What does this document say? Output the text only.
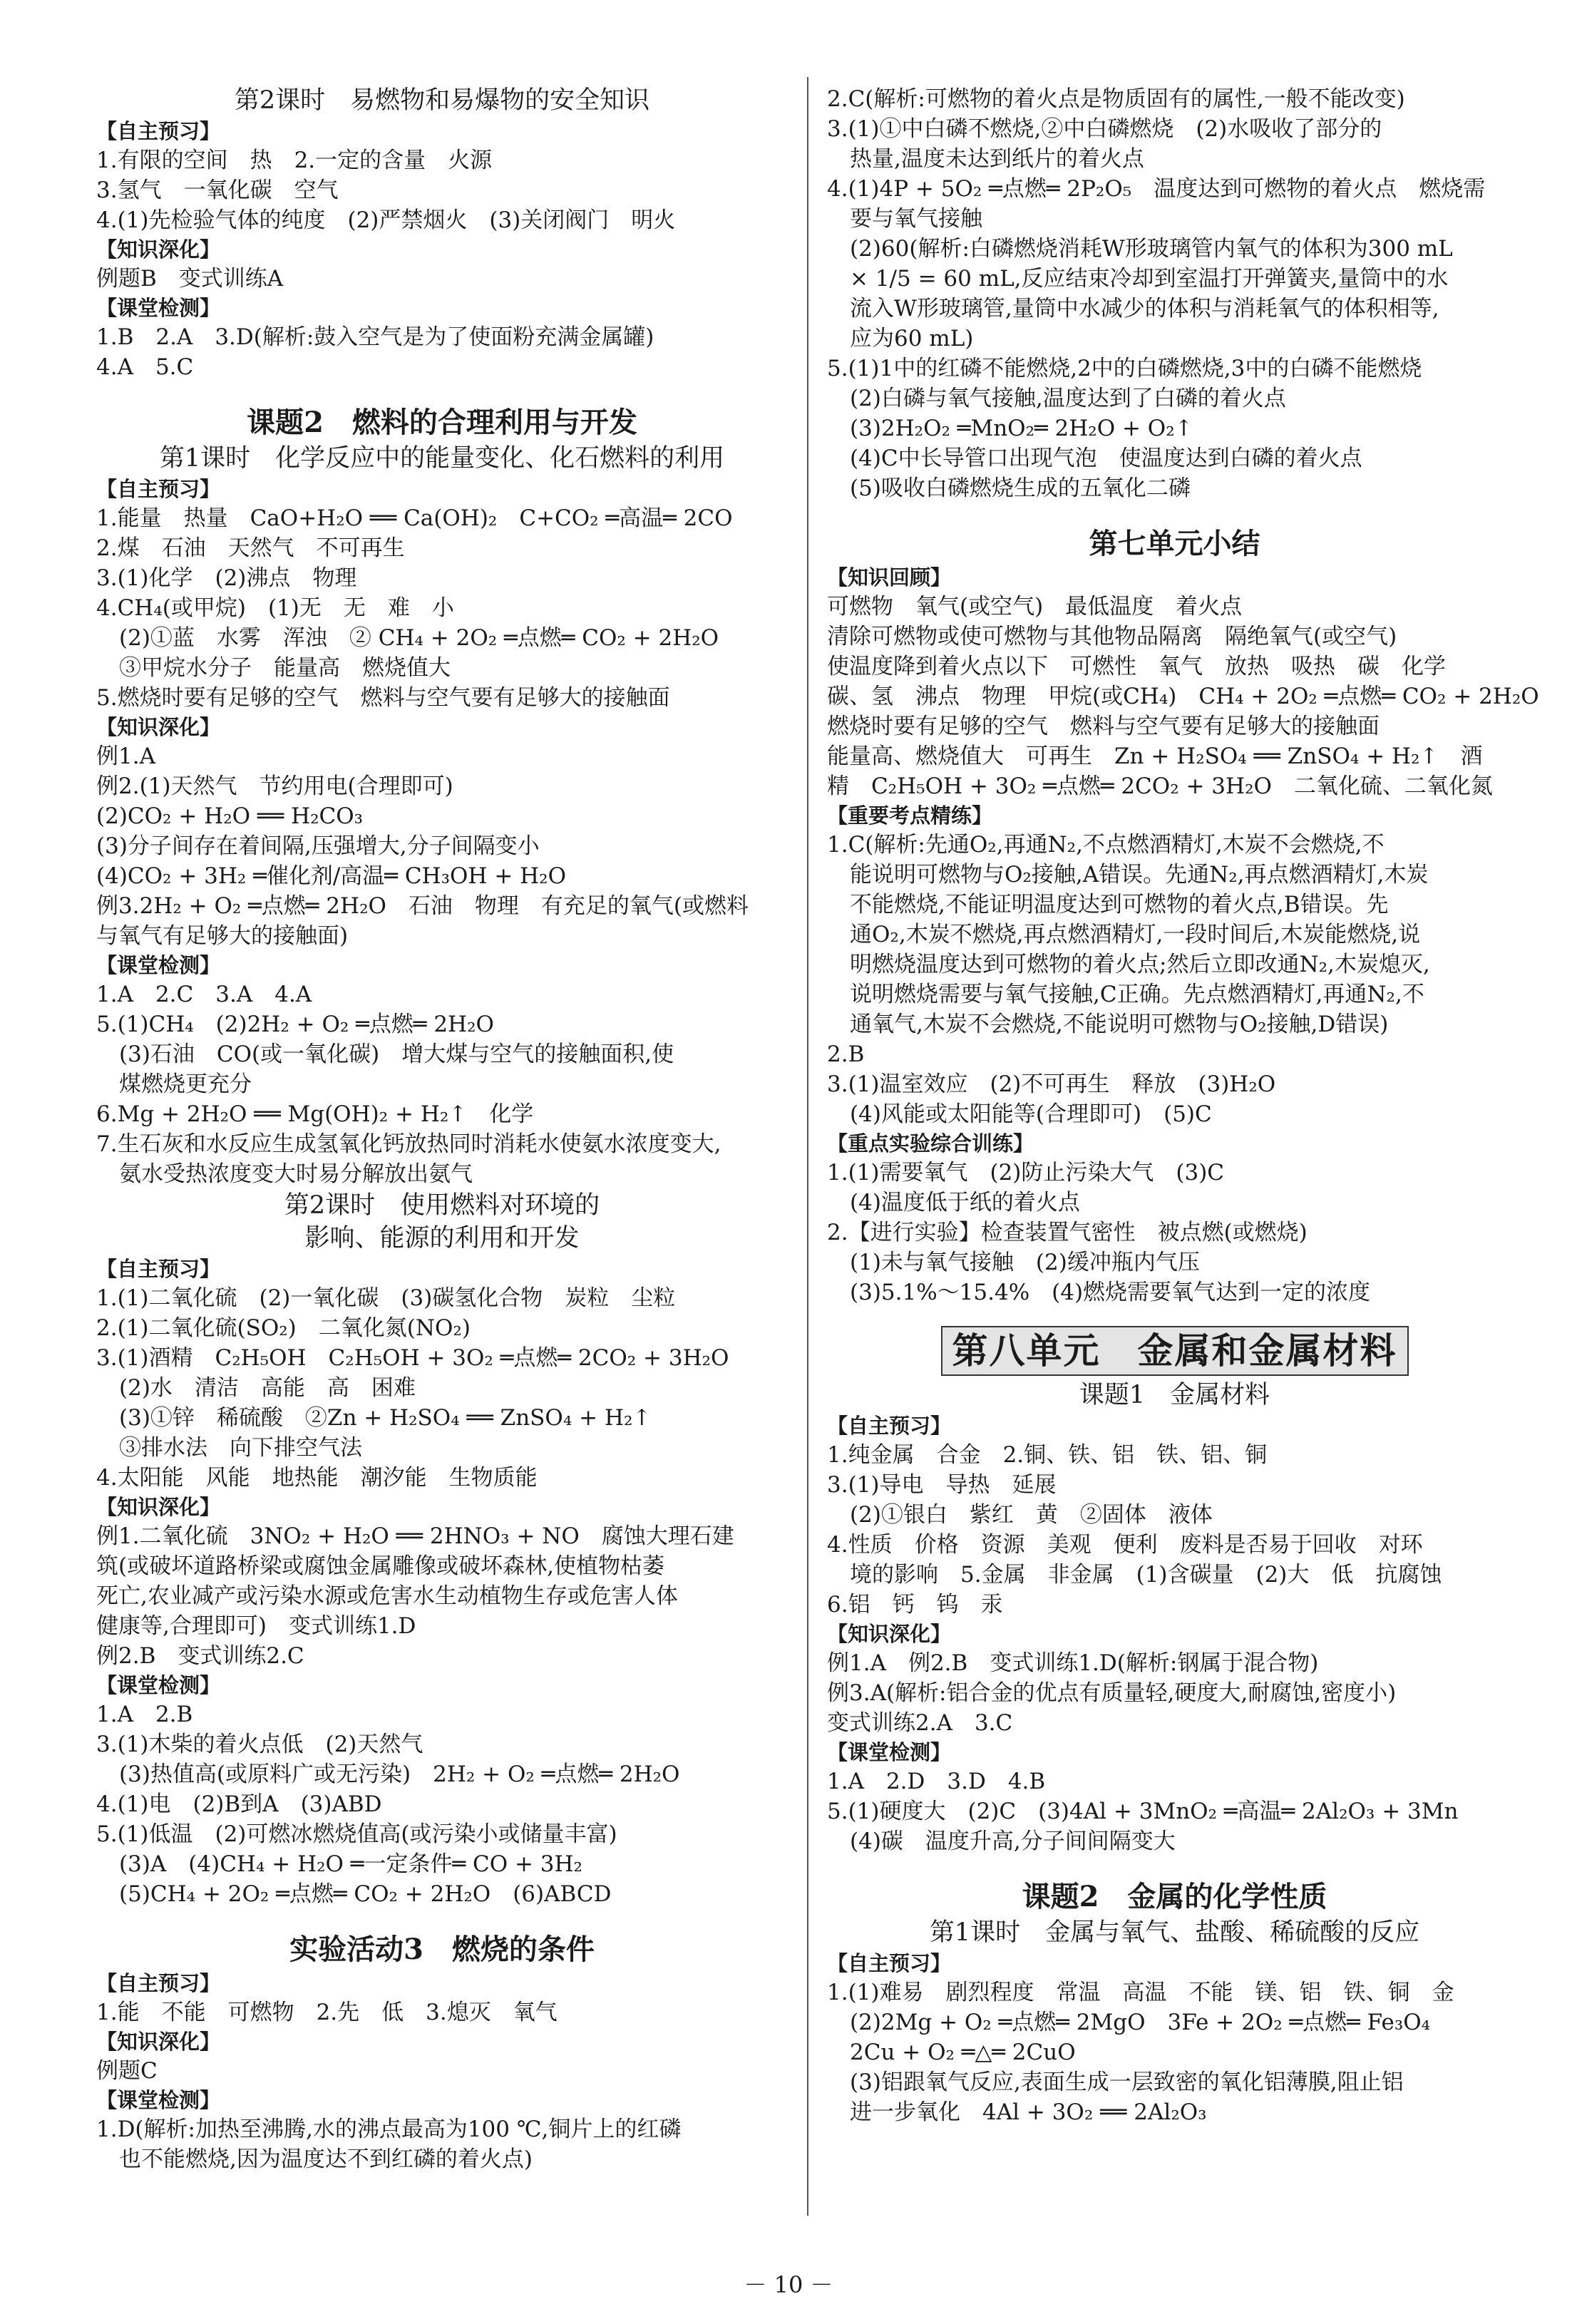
第2课时　易燃物和易爆物的安全知识
【自主预习】
1.有限的空间　热　2.一定的含量　火源
3.氢气　一氧化碳　空气
4.(1)先检验气体的纯度　(2)严禁烟火　(3)关闭阀门　明火
【知识深化】
例题B　变式训练A
【课堂检测】
1.B　2.A　3.D(解析:鼓入空气是为了使面粉充满金属罐)
4.A　5.C
课题2　燃料的合理利用与开发
第1课时　化学反应中的能量变化、化石燃料的利用
【自主预习】
1.能量　热量　CaO+H₂O ══ Ca(OH)₂　C+CO₂ ═高温═ 2CO
2.煤　石油　天然气　不可再生
3.(1)化学　(2)沸点　物理
4.CH₄(或甲烷)　(1)无　无　难　小
(2)①蓝　水雾　浑浊　② CH₄ + 2O₂ ═点燃═ CO₂ + 2H₂O
③甲烷水分子　能量高　燃烧值大
5.燃烧时要有足够的空气　燃料与空气要有足够大的接触面
【知识深化】
例1.A
例2.(1)天然气　节约用电(合理即可)
(2)CO₂ + H₂O ══ H₂CO₃
(3)分子间存在着间隔,压强增大,分子间隔变小
(4)CO₂ + 3H₂ ═催化剂/高温═ CH₃OH + H₂O
例3.2H₂ + O₂ ═点燃═ 2H₂O　石油　物理　有充足的氧气(或燃料
与氧气有足够大的接触面)
【课堂检测】
1.A　2.C　3.A　4.A
5.(1)CH₄　(2)2H₂ + O₂ ═点燃═ 2H₂O
(3)石油　CO(或一氧化碳)　增大煤与空气的接触面积,使
煤燃烧更充分
6.Mg + 2H₂O ══ Mg(OH)₂ + H₂↑　化学
7.生石灰和水反应生成氢氧化钙放热同时消耗水使氨水浓度变大,
氨水受热浓度变大时易分解放出氨气
第2课时　使用燃料对环境的
影响、能源的利用和开发
【自主预习】
1.(1)二氧化硫　(2)一氧化碳　(3)碳氢化合物　炭粒　尘粒
2.(1)二氧化硫(SO₂)　二氧化氮(NO₂)
3.(1)酒精　C₂H₅OH　C₂H₅OH + 3O₂ ═点燃═ 2CO₂ + 3H₂O
(2)水　清洁　高能　高　困难
(3)①锌　稀硫酸　②Zn + H₂SO₄ ══ ZnSO₄ + H₂↑
③排水法　向下排空气法
4.太阳能　风能　地热能　潮汐能　生物质能
【知识深化】
例1.二氧化硫　3NO₂ + H₂O ══ 2HNO₃ + NO　腐蚀大理石建
筑(或破坏道路桥梁或腐蚀金属雕像或破坏森林,使植物枯萎
死亡,农业减产或污染水源或危害水生动植物生存或危害人体
健康等,合理即可)　变式训练1.D
例2.B　变式训练2.C
【课堂检测】
1.A　2.B
3.(1)木柴的着火点低　(2)天然气
(3)热值高(或原料广或无污染)　2H₂ + O₂ ═点燃═ 2H₂O
4.(1)电　(2)B到A　(3)ABD
5.(1)低温　(2)可燃冰燃烧值高(或污染小或储量丰富)
(3)A　(4)CH₄ + H₂O ═一定条件═ CO + 3H₂
(5)CH₄ + 2O₂ ═点燃═ CO₂ + 2H₂O　(6)ABCD
实验活动3　燃烧的条件
【自主预习】
1.能　不能　可燃物　2.先　低　3.熄灭　氧气
【知识深化】
例题C
【课堂检测】
1.D(解析:加热至沸腾,水的沸点最高为100 ℃,铜片上的红磷
也不能燃烧,因为温度达不到红磷的着火点)
2.C(解析:可燃物的着火点是物质固有的属性,一般不能改变)
3.(1)①中白磷不燃烧,②中白磷燃烧　(2)水吸收了部分的
热量,温度未达到纸片的着火点
4.(1)4P + 5O₂ ═点燃═ 2P₂O₅　温度达到可燃物的着火点　燃烧需
要与氧气接触
(2)60(解析:白磷燃烧消耗W形玻璃管内氧气的体积为300 mL
× 1/5 = 60 mL,反应结束冷却到室温打开弹簧夹,量筒中的水
流入W形玻璃管,量筒中水减少的体积与消耗氧气的体积相等,
应为60 mL)
5.(1)1中的红磷不能燃烧,2中的白磷燃烧,3中的白磷不能燃烧
(2)白磷与氧气接触,温度达到了白磷的着火点
(3)2H₂O₂ ═MnO₂═ 2H₂O + O₂↑
(4)C中长导管口出现气泡　使温度达到白磷的着火点
(5)吸收白磷燃烧生成的五氧化二磷
第七单元小结
【知识回顾】
可燃物　氧气(或空气)　最低温度　着火点
清除可燃物或使可燃物与其他物品隔离　隔绝氧气(或空气)
使温度降到着火点以下　可燃性　氧气　放热　吸热　碳　化学
碳、氢　沸点　物理　甲烷(或CH₄)　CH₄ + 2O₂ ═点燃═ CO₂ + 2H₂O
燃烧时要有足够的空气　燃料与空气要有足够大的接触面
能量高、燃烧值大　可再生　Zn + H₂SO₄ ══ ZnSO₄ + H₂↑　酒
精　C₂H₅OH + 3O₂ ═点燃═ 2CO₂ + 3H₂O　二氧化硫、二氧化氮
【重要考点精练】
1.C(解析:先通O₂,再通N₂,不点燃酒精灯,木炭不会燃烧,不
能说明可燃物与O₂接触,A错误。先通N₂,再点燃酒精灯,木炭
不能燃烧,不能证明温度达到可燃物的着火点,B错误。先
通O₂,木炭不燃烧,再点燃酒精灯,一段时间后,木炭能燃烧,说
明燃烧温度达到可燃物的着火点;然后立即改通N₂,木炭熄灭,
说明燃烧需要与氧气接触,C正确。先点燃酒精灯,再通N₂,不
通氧气,木炭不会燃烧,不能说明可燃物与O₂接触,D错误)
2.B
3.(1)温室效应　(2)不可再生　释放　(3)H₂O
(4)风能或太阳能等(合理即可)　(5)C
【重点实验综合训练】
1.(1)需要氧气　(2)防止污染大气　(3)C
(4)温度低于纸的着火点
2.【进行实验】检查装置气密性　被点燃(或燃烧)
(1)未与氧气接触　(2)缓冲瓶内气压
(3)5.1%～15.4%　(4)燃烧需要氧气达到一定的浓度
第八单元　金属和金属材料
课题1　金属材料
【自主预习】
1.纯金属　合金　2.铜、铁、铝　铁、铝、铜
3.(1)导电　导热　延展
(2)①银白　紫红　黄　②固体　液体
4.性质　价格　资源　美观　便利　废料是否易于回收　对环
境的影响　5.金属　非金属　(1)含碳量　(2)大　低　抗腐蚀
6.铝　钙　钨　汞
【知识深化】
例1.A　例2.B　变式训练1.D(解析:钢属于混合物)
例3.A(解析:铝合金的优点有质量轻,硬度大,耐腐蚀,密度小)
变式训练2.A　3.C
【课堂检测】
1.A　2.D　3.D　4.B
5.(1)硬度大　(2)C　(3)4Al + 3MnO₂ ═高温═ 2Al₂O₃ + 3Mn
(4)碳　温度升高,分子间间隔变大
课题2　金属的化学性质
第1课时　金属与氧气、盐酸、稀硫酸的反应
【自主预习】
1.(1)难易　剧烈程度　常温　高温　不能　镁、铝　铁、铜　金
(2)2Mg + O₂ ═点燃═ 2MgO　3Fe + 2O₂ ═点燃═ Fe₃O₄
2Cu + O₂ ═△═ 2CuO
(3)铝跟氧气反应,表面生成一层致密的氧化铝薄膜,阻止铝
进一步氧化　4Al + 3O₂ ══ 2Al₂O₃
－ 10 －
